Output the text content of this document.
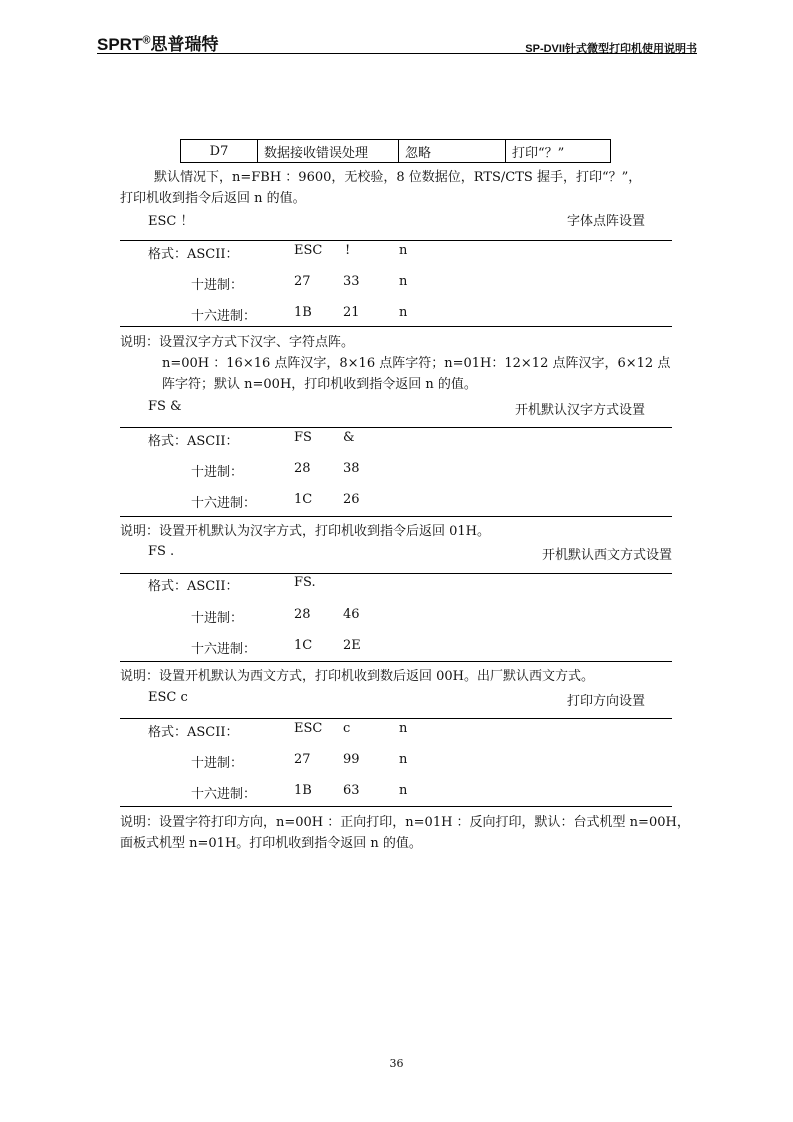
SPRT®思普瑞特	SP-DVII针式微型打印机使用说明书
D7	数据接收错误处理	忽略	打印“？”
默认情况下，n=FBH ：9600，无校验，8 位数据位，RTS/CTS 握手，打印“？”，
打印机收到指令后返回 n 的值。
ESC ！	字体点阵设置
格式：ASCII：	ESC !	n
十进制：	27 33	n
十六进制：	1B 21	n
说明：设置汉字方式下汉字、字符点阵。
n=00H ：16×16 点阵汉字，8×16 点阵字符；n=01H：12×12 点阵汉字，6×12 点
阵字符；默认 n=00H，打印机收到指令返回 n 的值。
FS &	开机默认汉字方式设置
格式：ASCII：	FS &
十进制：	28 38
十六进制：	1C 26
说明：设置开机默认为汉字方式，打印机收到指令后返回 01H。
FS .	开机默认西文方式设置
格式：ASCII：	FS.
十进制：	28 46
十六进制：	1C 2E
说明：设置开机默认为西文方式，打印机收到数后返回 00H。出厂默认西文方式。
ESC c	打印方向设置
格式：ASCII：	ESC c	n
十进制：	27 99	n
十六进制：	1B 63	n
说明：设置字符打印方向，n=00H ：正向打印，n=01H ：反向打印，默认：台式机型 n=00H，
面板式机型 n=01H。打印机收到指令返回 n 的值。
36
